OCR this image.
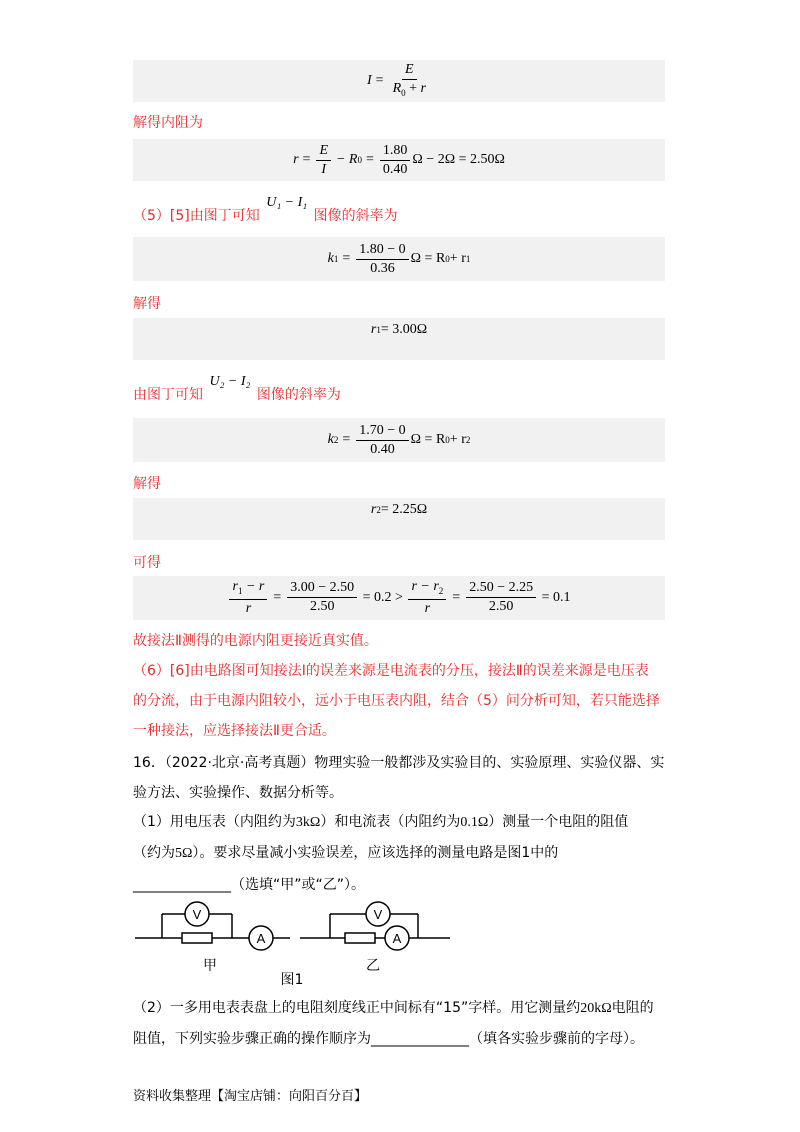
$I = \frac{E}{R_0 + r}$
解得内阻为
$r = \frac{E}{I} - R$ $0 = \frac{1.80}{0.40}$ Ω − 2Ω = 2.50Ω
（5）[5]由图丁可知 U₁ − I₁ 图像的斜率为
k $1 = \frac{1.80 - 0}{0.36}$ Ω = R 0 + r 1
解得
r 1 = 3.00Ω
由图丁可知 U₂ − I₂ 图像的斜率为
k $2 = \frac{1.70 - 0}{0.40}$ Ω = R 0 + r 2
解得
r 2 = 2.25Ω
可得
$\frac{r_1 - r}{r} = \frac{3.00 - 2.50}{2.50} = 0.2 > \frac{r - r_2}{r} = \frac{2.50 - 2.25}{2.50} = 0.1$
故接法Ⅱ测得的电源内阻更接近真实值。
（6）[6]由电路图可知接法Ⅰ的误差来源是电流表的分压，接法Ⅱ的误差来源是电压表
的分流，由于电源内阻较小，远小于电压表内阻，结合（5）问分析可知，若只能选择
一种接法，应选择接法Ⅱ更合适。
16．（2022·北京·高考真题）物理实验一般都涉及实验目的、实验原理、实验仪器、实
验方法、实验操作、数据分析等。
（1）用电压表（内阻约为3kΩ）和电流表（内阻约为0.1Ω）测量一个电阻的阻值
（约为5Ω）。要求尽量减小实验误差，应该选择的测量电路是图1中的
______________（选填“甲”或“乙”）。
V
A
V
A
甲	乙
图1
（2）一多用电表表盘上的电阻刻度线正中间标有“15”字样。用它测量约20kΩ电阻的
阻值，下列实验步骤正确的操作顺序为______________（填各实验步骤前的字母）。
资料收集整理【淘宝店铺：向阳百分百】
